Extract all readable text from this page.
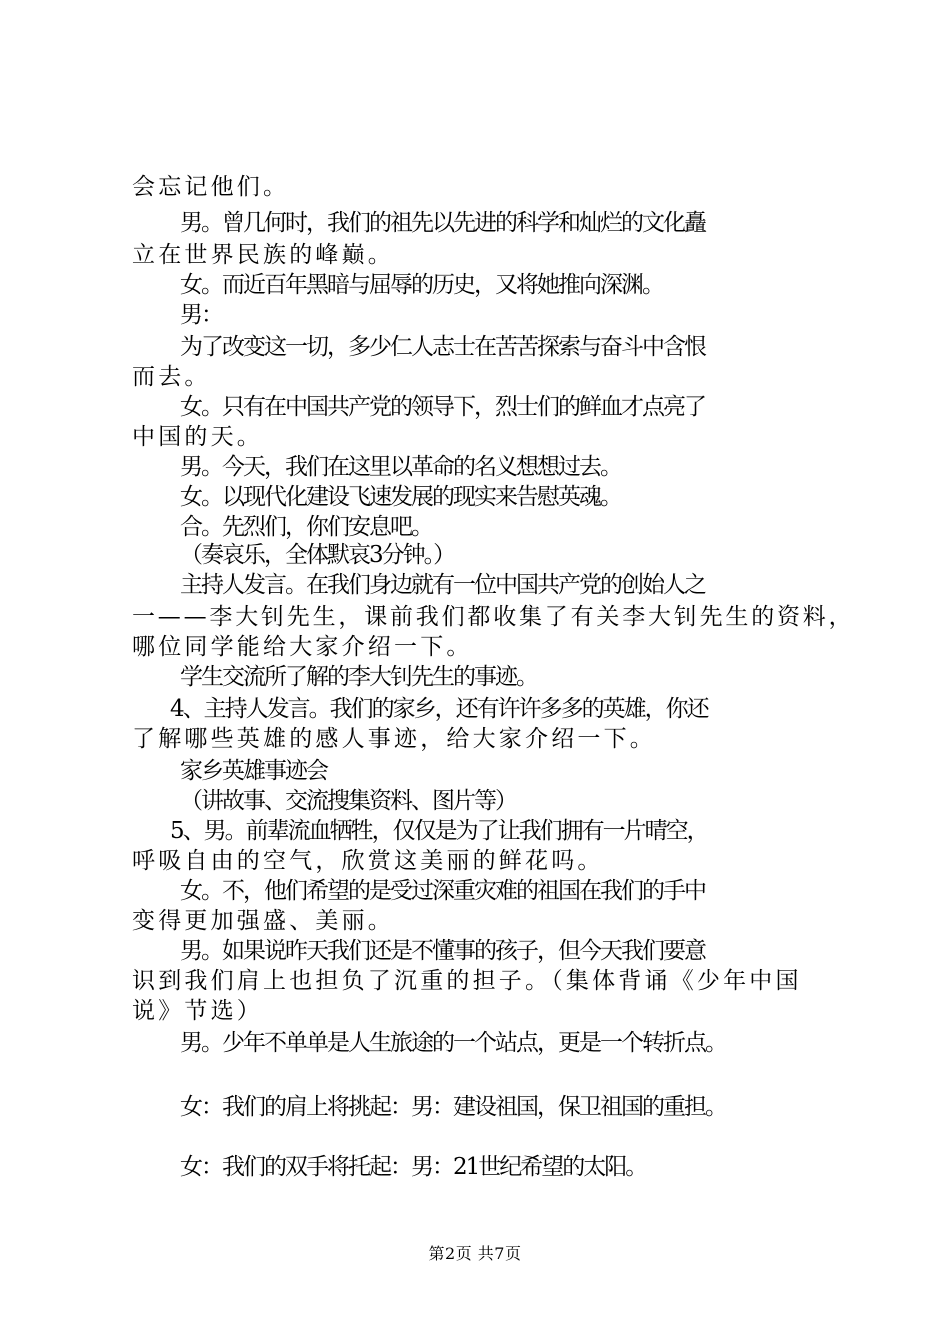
会忘记他们。
男。曾几何时，我们的祖先以先进的科学和灿烂的文化矗
立在世界民族的峰巅。
女。而近百年黑暗与屈辱的历史，又将她推向深渊。
男：
为了改变这一切，多少仁人志士在苦苦探索与奋斗中含恨
而去。
女。只有在中国共产党的领导下，烈士们的鲜血才点亮了
中国的天。
男。今天，我们在这里以革命的名义想想过去。
女。以现代化建设飞速发展的现实来告慰英魂。
合。先烈们，你们安息吧。
（奏哀乐，全体默哀3分钟。）
主持人发言。在我们身边就有一位中国共产党的创始人之
一——李大钊先生，课前我们都收集了有关李大钊先生的资料，
哪位同学能给大家介绍一下。
学生交流所了解的李大钊先生的事迹。
4、主持人发言。我们的家乡，还有许许多多的英雄，你还
了解哪些英雄的感人事迹，给大家介绍一下。
家乡英雄事迹会
（讲故事、交流搜集资料、图片等）
5、男。前辈流血牺牲，仅仅是为了让我们拥有一片晴空，
呼吸自由的空气，欣赏这美丽的鲜花吗。
女。不，他们希望的是受过深重灾难的祖国在我们的手中
变得更加强盛、美丽。
男。如果说昨天我们还是不懂事的孩子，但今天我们要意
识到我们肩上也担负了沉重的担子。（集体背诵《少年中国
说》节选）
男。少年不单单是人生旅途的一个站点，更是一个转折点。
女：我们的肩上将挑起：男：建设祖国，保卫祖国的重担。
女：我们的双手将托起：男：21世纪希望的太阳。
第2页 共7页
